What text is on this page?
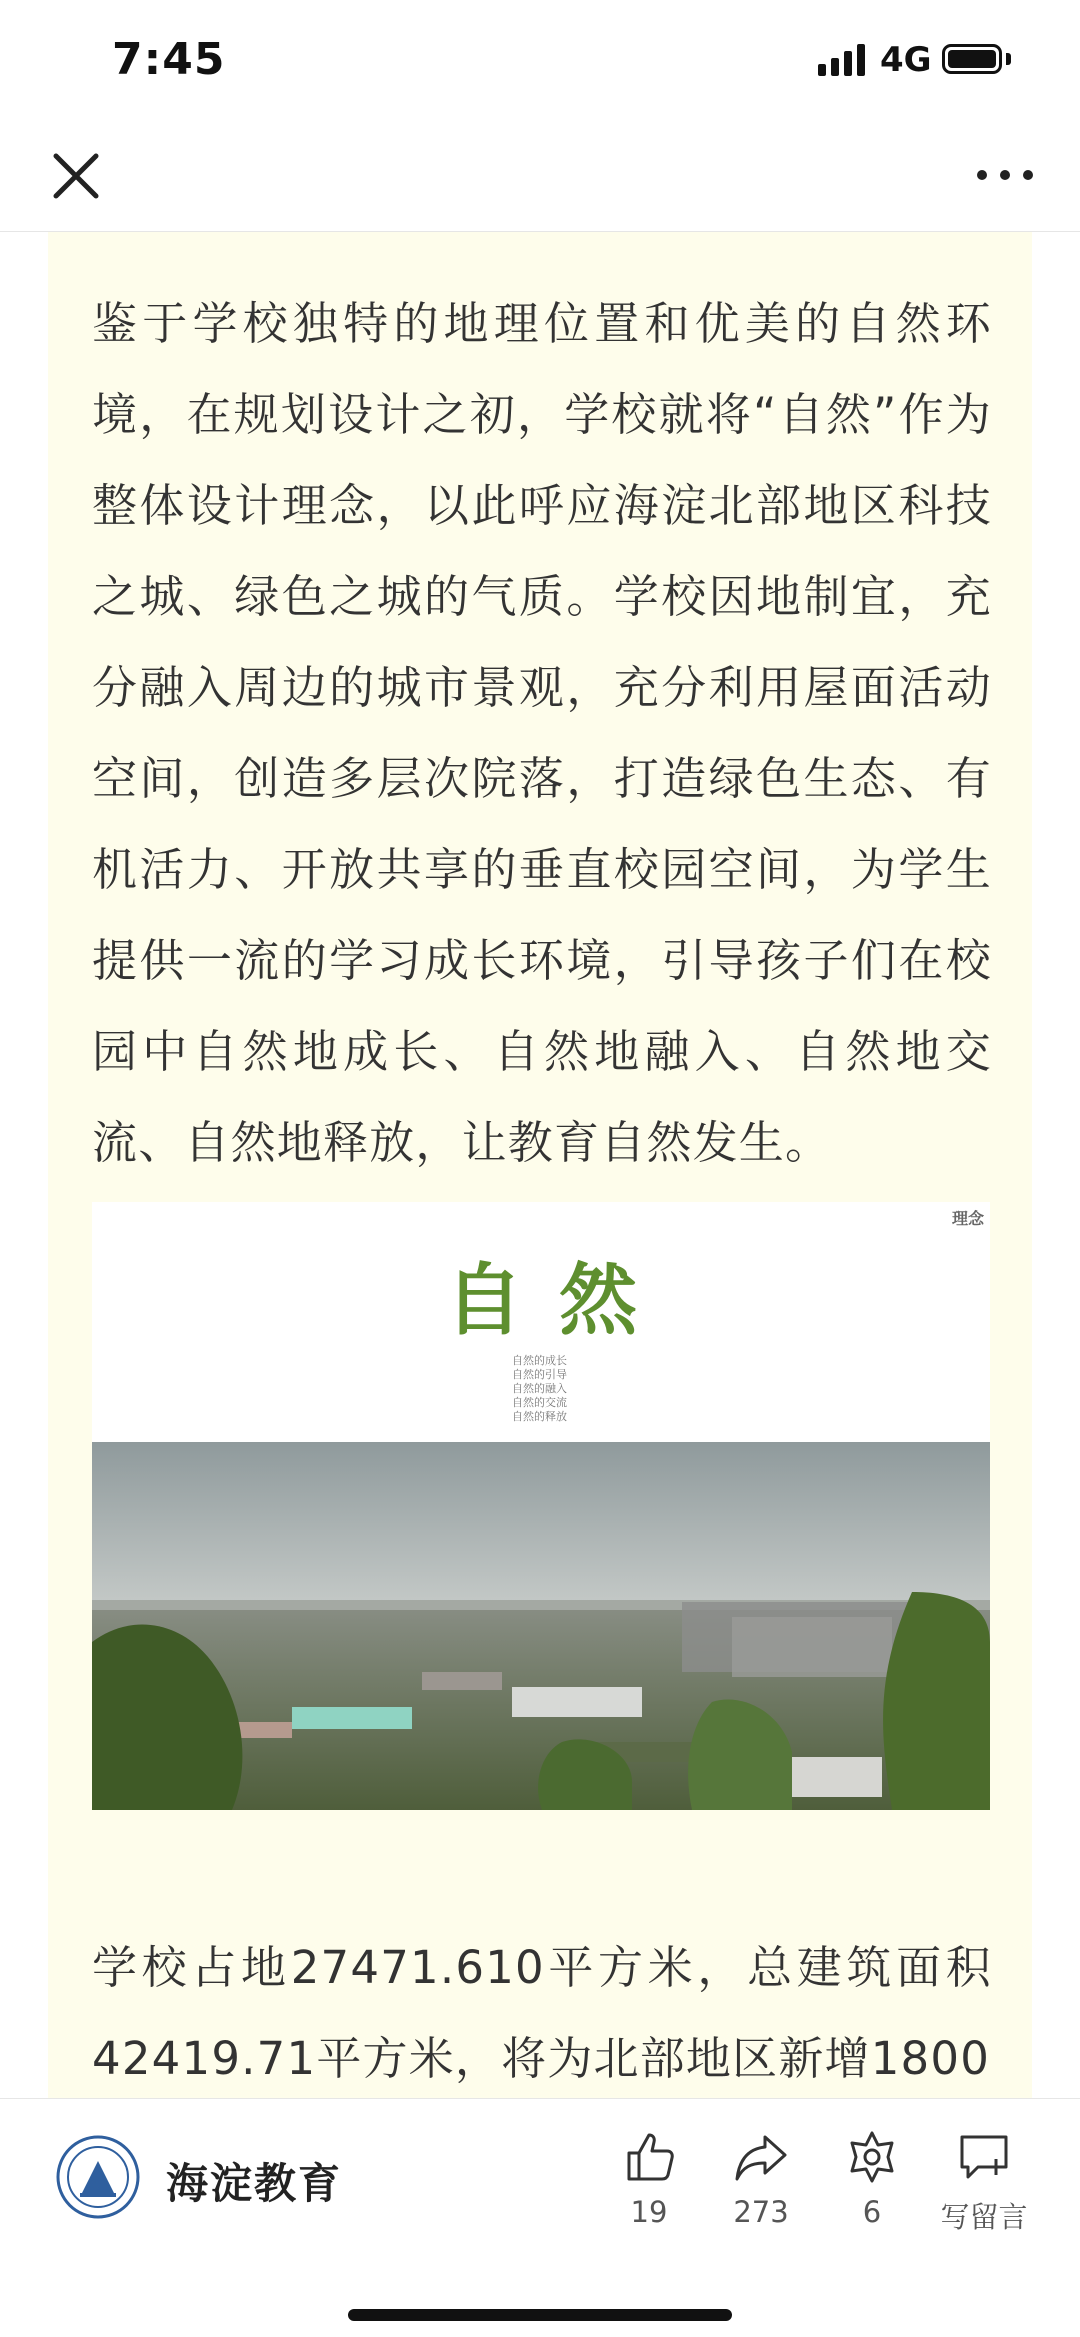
7:45	4G
鉴于学校独特的地理位置和优美的自然环境，在规划设计之初，学校就将“自然”作为整体设计理念，以此呼应海淀北部地区科技之城、绿色之城的气质。学校因地制宜，充分融入周边的城市景观，充分利用屋面活动空间，创造多层次院落，打造绿色生态、有机活力、开放共享的垂直校园空间，为学生提供一流的学习成长环境，引导孩子们在校园中自然地成长、自然地融入、自然地交流、自然地释放，让教育自然发生。
理念
自然
自然的成长
自然的引导
自然的融入
自然的交流
自然的释放
学校占地27471.610平方米，总建筑面积42419.71平方米，将为北部地区新增1800
海淀教育
19	273	6	写留言
